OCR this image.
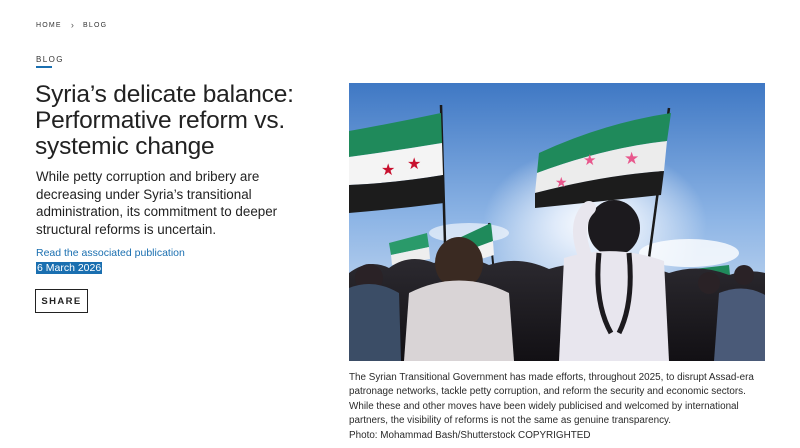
HOME › BLOG
BLOG
Syria’s delicate balance: Performative reform vs. systemic change

While petty corruption and bribery are decreasing under Syria’s transitional administration, its commitment to deeper structural reforms is uncertain.

Read the associated publication
6 March 2026
SHARE
★ ★
★
★ ★

The Syrian Transitional Government has made efforts, throughout 2025, to disrupt Assad-era patronage networks, tackle petty corruption, and reform the security and economic sectors. While these and other moves have been widely publicised and welcomed by international partners, the visibility of reforms is not the same as genuine transparency.

Photo: Mohammad Bash/Shutterstock COPYRIGHTED
